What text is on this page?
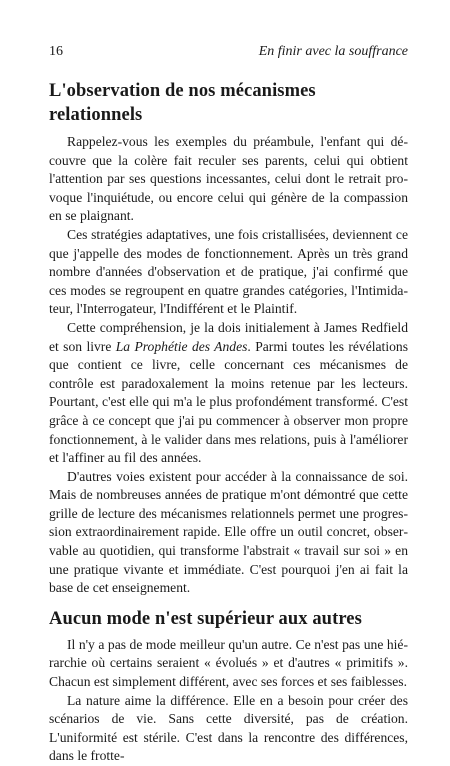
16	En finir avec la souffrance
L'observation de nos mécanismes relationnels

Rappelez-vous les exemples du préambule, l'enfant qui découvre que la colère fait reculer ses parents, celui qui obtient l'attention par ses questions incessantes, celui dont le retrait provoque l'inquiétude, ou encore celui qui génère de la compassion en se plaignant.

Ces stratégies adaptatives, une fois cristallisées, deviennent ce que j'appelle des modes de fonctionnement. Après un très grand nombre d'années d'observation et de pratique, j'ai confirmé que ces modes se regroupent en quatre grandes catégories, l'Intimidateur, l'Interrogateur, l'Indifférent et le Plaintif.

Cette compréhension, je la dois initialement à James Redfield et son livre La Prophétie des Andes. Parmi toutes les révélations que contient ce livre, celle concernant ces mécanismes de contrôle est paradoxalement la moins retenue par les lecteurs. Pourtant, c'est elle qui m'a le plus profondément transformé. C'est grâce à ce concept que j'ai pu commencer à observer mon propre fonctionnement, à le valider dans mes relations, puis à l'améliorer et l'affiner au fil des années.

D'autres voies existent pour accéder à la connaissance de soi. Mais de nombreuses années de pratique m'ont démontré que cette grille de lecture des mécanismes relationnels permet une progression extraordinairement rapide. Elle offre un outil concret, observable au quotidien, qui transforme l'abstrait « travail sur soi » en une pratique vivante et immédiate. C'est pourquoi j'en ai fait la base de cet enseignement.

Aucun mode n'est supérieur aux autres

Il n'y a pas de mode meilleur qu'un autre. Ce n'est pas une hiérarchie où certains seraient « évolués » et d'autres « primitifs ». Chacun est simplement différent, avec ses forces et ses faiblesses.

La nature aime la différence. Elle en a besoin pour créer des scénarios de vie. Sans cette diversité, pas de création. L'uniformité est stérile. C'est dans la rencontre des différences, dans le frotte-
